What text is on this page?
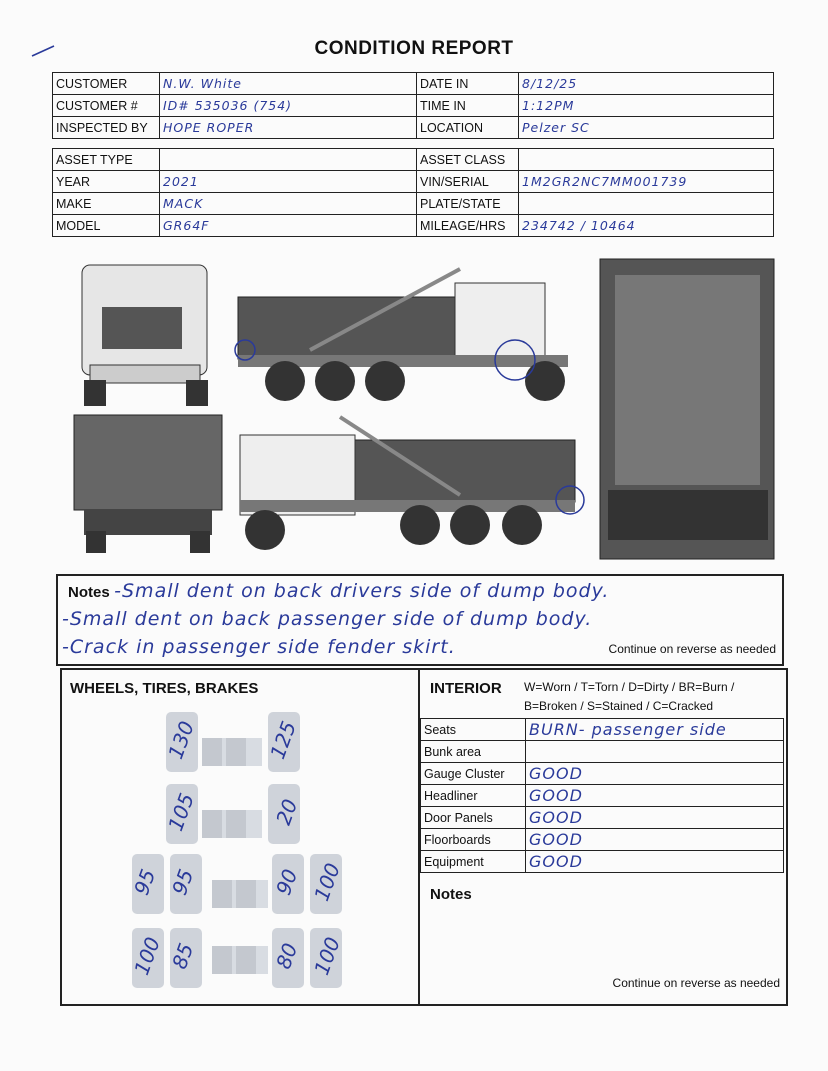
CONDITION REPORT
CUSTOMER	N.W. White	DATE IN	8/12/25
CUSTOMER #	ID# 535036 (754)	TIME IN	1:12PM
INSPECTED BY	HOPE ROPER	LOCATION	Pelzer SC
ASSET TYPE		ASSET CLASS	
YEAR	2021	VIN/SERIAL	1M2GR2NC7MM001739
MAKE	MACK	PLATE/STATE	
MODEL	GR64F	MILEAGE/HRS	234742 / 10464
Notes -Small dent on back drivers side of dump body.
-Small dent on back passenger side of dump body.
-Crack in passenger side fender skirt.	Continue on reverse as needed
WHEELS, TIRES, BRAKES
130	125
105	20
95 95	90 100
100 85	80 100
INTERIOR W=Worn / T=Torn / D=Dirty / BR=Burn /
B=Broken / S=Stained / C=Cracked
Seats	BURN- passenger side
Bunk area	
Gauge Cluster	GOOD
Headliner	GOOD
Door Panels	GOOD
Floorboards	GOOD
Equipment	GOOD
Notes
Continue on reverse as needed
